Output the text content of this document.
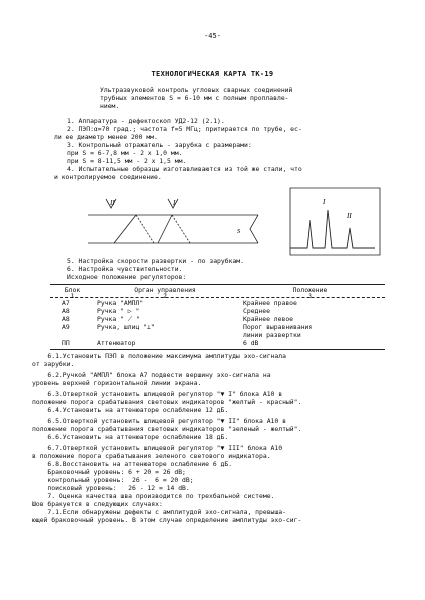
-45-
ТЕХНОЛОГИЧЕСКАЯ КАРТА ТК-19
Ультразвуковой контроль угловых сварных соединений
трубных элементов S = 6-10 мм с полным проплавле-
нием.
1. Аппаратура - дефектоскоп УД2-12 (2.1).
2. ПЭП:α=70 град.; частота f=5 МГц; притирается по трубе, ес-
ли ее диаметр менее 200 мм.
3. Контрольный отражатель - зарубка с размерами:
при S = 6-7,8 мм - 2 х 1,0 мм.
при S = 8-11,5 мм - 2 х 1,5 мм.
4. Испытательные образцы изготавливаются из той же стали, что
и контролируемое соединение.
II	I
S
I
II
5. Настройка скорости развертки - по зарубкам.
6. Настройка чувствительности.
Исходное положение регуляторов:
Блок	Орган управления	Положение
1	2	3
А7	Ручка "АМПЛ"	Крайнее правое
А8	Ручка " ▷ "	Среднее
А8	Ручка " ⟋ "	Крайнее левое
А9	Ручка, шлиц "⊥̈"	Порог выравнивания
линии развертки
ПП	Аттенюатор	6 dB
6.1.Установить ПЭП в положение максимума амплитуды эхо-сигнала
от зарубки.
6.2.Ручкой "АМПЛ" блока А7 подвести вершину эхо-сигнала на
уровень верхней горизонтальной линии экрана.
6.3.Отверткой установить шлицевой регулятор "▼ I" блока А10 в
положение порога срабатывания световых индикаторов "желтый - красный".
6.4.Установить на аттенюаторе ослабление 12 дБ.
6.5.Отверткой установить шлицевой регулятор "▼ II" блока А10 в
положение порога срабатывания световых индикаторов "зеленый - желтый".
6.6.Установить на аттенюаторе ослабление 18 дБ.
6.7.Отверткой установить шлицевой регулятор "▼ III" блока А10
в положение порога срабатывания зеленого светового индикатора.
6.8.Восстановить на аттенюаторе ослабление 6 дБ.
Браковочный уровень: 6 + 20 = 26 dB;
контрольный уровень:  26 -  6 = 20 dB;
поисковый уровень:   26 - 12 = 14 dB.
7. Оценка качества шва производится по трехбальной системе.
Шов бракуется в следующих случаях:
7.1.Если обнаружены дефекты с амплитудой эхо-сигнала, превыша-
ющей браковочный уровень. В этом случае определение амплитуды эхо-сиг-
